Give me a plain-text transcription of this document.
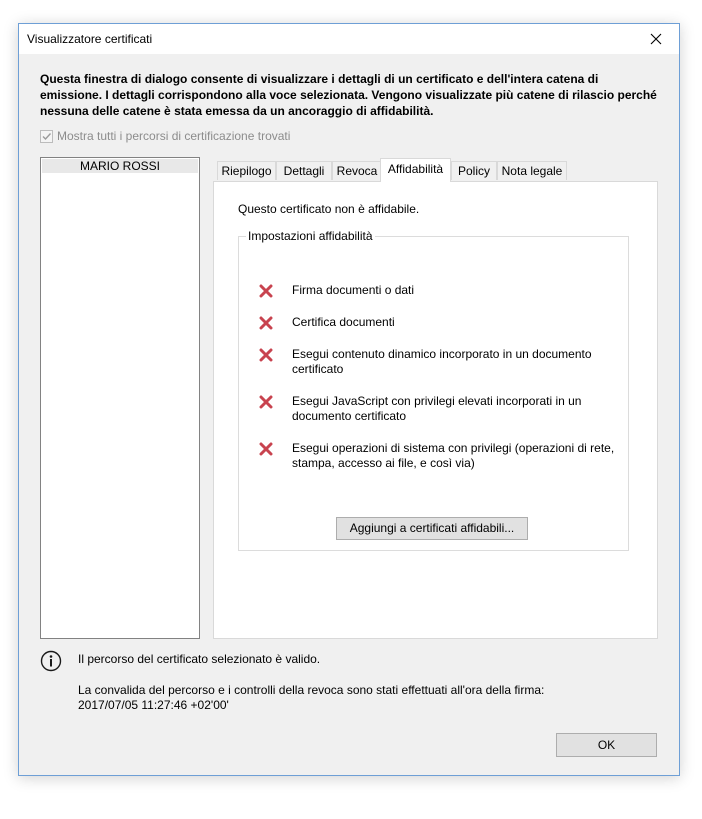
Visualizzatore certificati
Questa finestra di dialogo consente di visualizzare i dettagli di un certificato e dell'intera catena di emissione. I dettagli corrispondono alla voce selezionata. Vengono visualizzate più catene di rilascio perché nessuna delle catene è stata emessa da un ancoraggio di affidabilità.
Mostra tutti i percorsi di certificazione trovati
MARIO ROSSI	Riepilogo	Dettagli	Revoca Affidabilità	Policy Nota legale
Questo certificato non è affidabile.
Impostazioni affidabilità
Firma documenti o dati
Certifica documenti
Esegui contenuto dinamico incorporato in un documento certificato
Esegui JavaScript con privilegi elevati incorporati in un documento certificato
Esegui operazioni di sistema con privilegi (operazioni di rete, stampa, accesso ai file, e così via)
Aggiungi a certificati affidabili...
Il percorso del certificato selezionato è valido.
La convalida del percorso e i controlli della revoca sono stati effettuati all'ora della firma:
2017/07/05 11:27:46 +02'00'
OK
